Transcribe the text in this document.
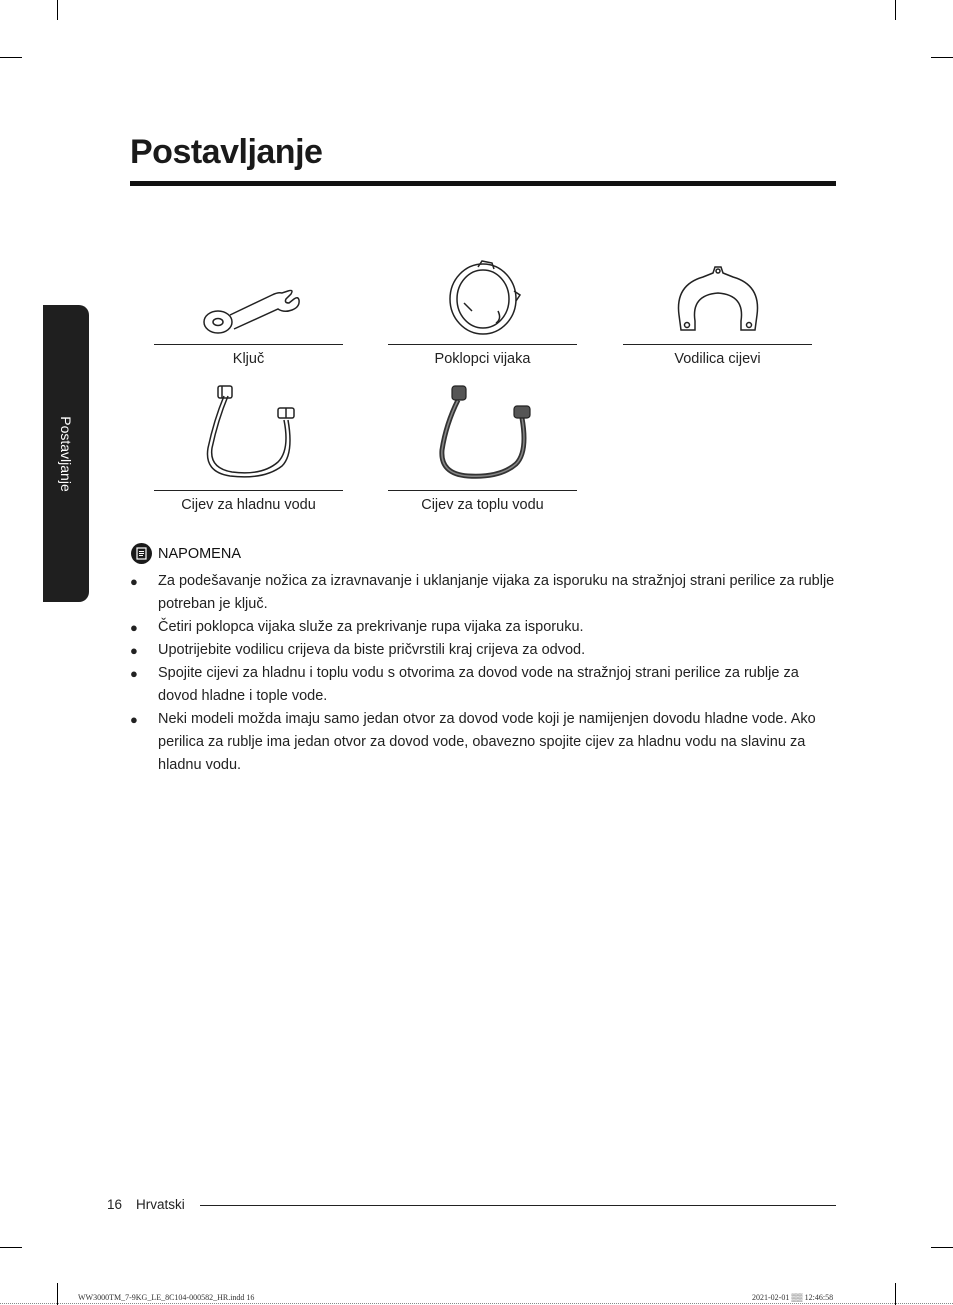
Postavljanje
Postavljanje
Ključ	Poklopci vijaka	Vodilica cijevi
Cijev za hladnu vodu	Cijev za toplu vodu
NAPOMENA
●	Za podešavanje nožica za izravnavanje i uklanjanje vijaka za isporuku na stražnjoj strani perilice za rublje potreban je ključ.
●	Četiri poklopca vijaka služe za prekrivanje rupa vijaka za isporuku.
●	Upotrijebite vodilicu crijeva da biste pričvrstili kraj crijeva za odvod.
●	Spojite cijevi za hladnu i toplu vodu s otvorima za dovod vode na stražnjoj strani perilice za rublje za dovod hladne i tople vode.
●	Neki modeli možda imaju samo jedan otvor za dovod vode koji je namijenjen dovodu hladne vode. Ako perilica za rublje ima jedan otvor za dovod vode, obavezno spojite cijev za hladnu vodu na slavinu za hladnu vodu.
16 Hrvatski
WW3000TM_7-9KG_LE_8C104-000582_HR.indd 16	2021-02-01 ▒▒ 12:46:58
